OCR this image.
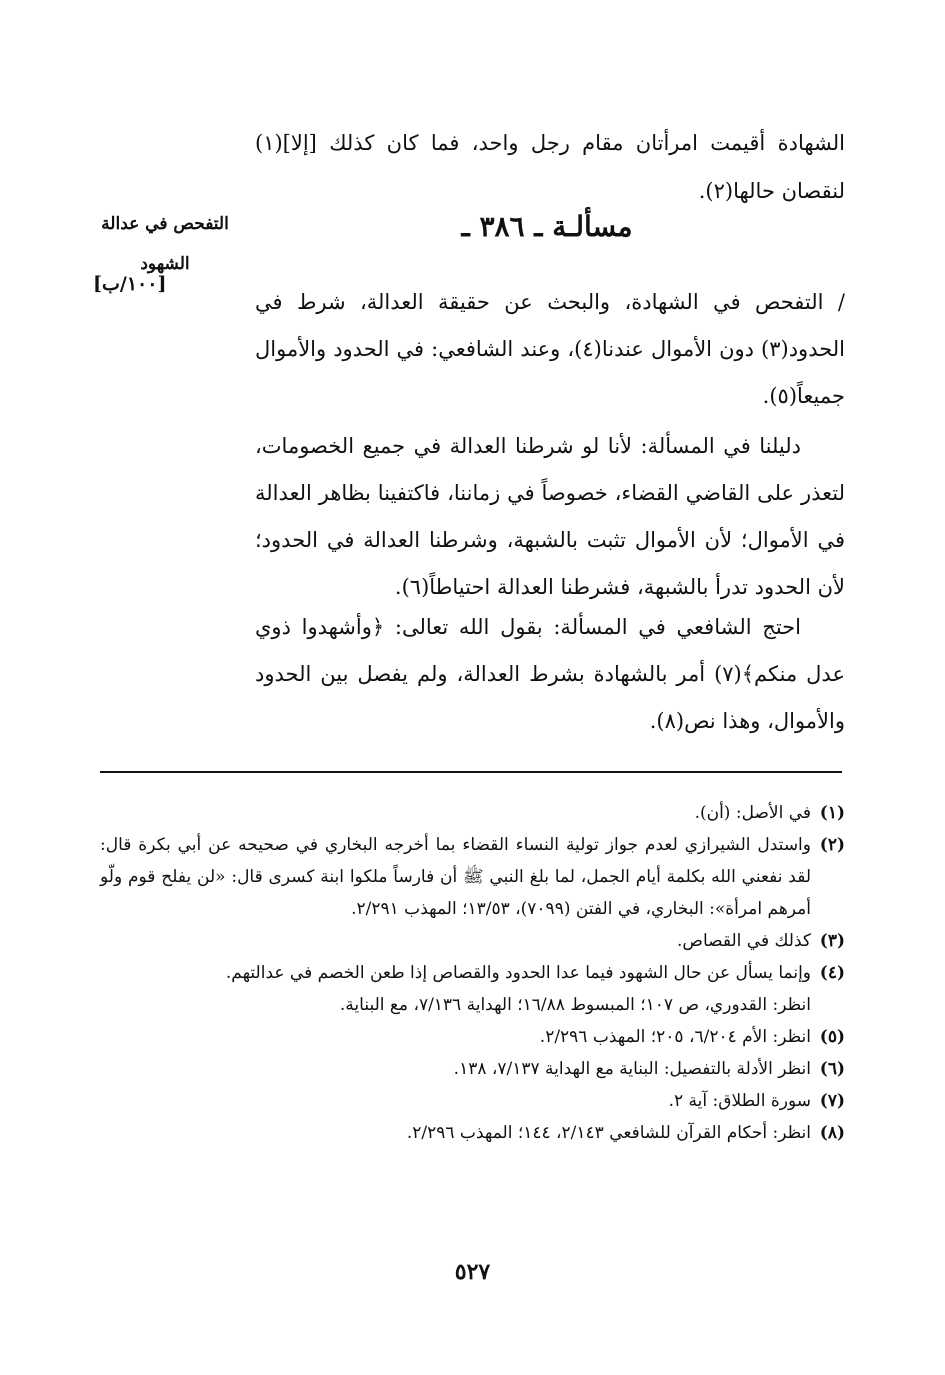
الشهادة أقيمت امرأتان مقام رجل واحد، فما كان كذلك [إلا](١) لنقصان حالها(٢).

التفحص في عدالة
الشهود
[١٠٠/ب]
مسألـة ـ ٣٨٦ ـ

/ التفحص في الشهادة، والبحث عن حقيقة العدالة، شرط في الحدود(٣) دون الأموال عندنا(٤)، وعند الشافعي: في الحدود والأموال جميعاً(٥).

دليلنا في المسألة: لأنا لو شرطنا العدالة في جميع الخصومات، لتعذر على القاضي القضاء، خصوصاً في زماننا، فاكتفينا بظاهر العدالة في الأموال؛ لأن الأموال تثبت بالشبهة، وشرطنا العدالة في الحدود؛ لأن الحدود تدرأ بالشبهة، فشرطنا العدالة احتياطاً(٦).

احتج الشافعي في المسألة: بقول الله تعالى: ﴿وأشهدوا ذوي عدل منكم﴾(٧) أمر بالشهادة بشرط العدالة، ولم يفصل بين الحدود والأموال، وهذا نص(٨).

(١)
في الأصل: (أن).
(٢)
واستدل الشيرازي لعدم جواز تولية النساء القضاء بما أخرجه البخاري في صحيحه عن أبي بكرة قال: لقد نفعني الله بكلمة أيام الجمل، لما بلغ النبي ﷺ أن فارساً ملكوا ابنة كسرى قال: «لن يفلح قوم ولّو أمرهم امرأة»: البخاري، في الفتن (٧٠٩٩)، ١٣/٥٣؛ المهذب ٢/٢٩١.
(٣)
كذلك في القصاص.
(٤)
وإنما يسأل عن حال الشهود فيما عدا الحدود والقصاص إذا طعن الخصم في عدالتهم.
انظر: القدوري، ص ١٠٧؛ المبسوط ١٦/٨٨؛ الهداية ٧/١٣٦، مع البناية.
(٥)
انظر: الأم ٦/٢٠٤، ٢٠٥؛ المهذب ٢/٢٩٦.
(٦)
انظر الأدلة بالتفصيل: البناية مع الهداية ٧/١٣٧، ١٣٨.
(٧)
سورة الطلاق: آية ٢.
(٨)
انظر: أحكام القرآن للشافعي ٢/١٤٣، ١٤٤؛ المهذب ٢/٢٩٦.
٥٢٧
